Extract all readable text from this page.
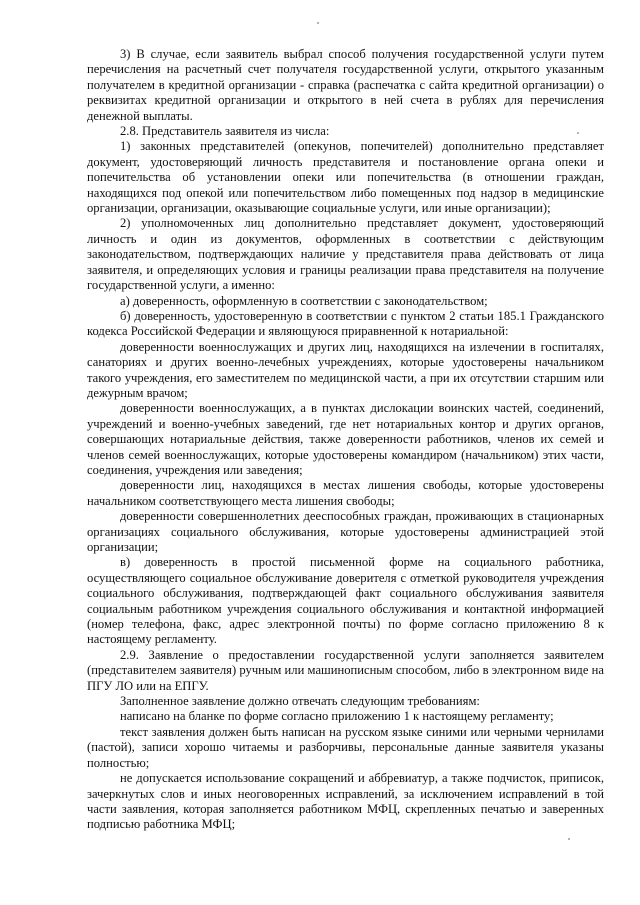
3) В случае, если заявитель выбрал способ получения государственной услуги путем перечисления на расчетный счет получателя государственной услуги, открытого указанным получателем в кредитной организации - справка (распечатка с сайта кредитной организации) о реквизитах кредитной организации и открытого в ней счета в рублях для перечисления денежной выплаты.

2.8. Представитель заявителя из числа:

1) законных представителей (опекунов, попечителей) дополнительно представляет документ, удостоверяющий личность представителя и постановление органа опеки и попечительства об установлении опеки или попечительства (в отношении граждан, находящихся под опекой или попечительством либо помещенных под надзор в медицинские организации, организации, оказывающие социальные услуги, или иные организации);

2) уполномоченных лиц дополнительно представляет документ, удостоверяющий личность и один из документов, оформленных в соответствии с действующим законодательством, подтверждающих наличие у представителя права действовать от лица заявителя, и определяющих условия и границы реализации права представителя на получение государственной услуги, а именно:

а) доверенность, оформленную в соответствии с законодательством;

б) доверенность, удостоверенную в соответствии с пунктом 2 статьи 185.1 Гражданского кодекса Российской Федерации и являющуюся приравненной к нотариальной:

доверенности военнослужащих и других лиц, находящихся на излечении в госпиталях, санаториях и других военно-лечебных учреждениях, которые удостоверены начальником такого учреждения, его заместителем по медицинской части, а при их отсутствии старшим или дежурным врачом;

доверенности военнослужащих, а в пунктах дислокации воинских частей, соединений, учреждений и военно-учебных заведений, где нет нотариальных контор и других органов, совершающих нотариальные действия, также доверенности работников, членов их семей и членов семей военнослужащих, которые удостоверены командиром (начальником) этих части, соединения, учреждения или заведения;

доверенности лиц, находящихся в местах лишения свободы, которые удостоверены начальником соответствующего места лишения свободы;

доверенности совершеннолетних дееспособных граждан, проживающих в стационарных организациях социального обслуживания, которые удостоверены администрацией этой организации;

в) доверенность в простой письменной форме на социального работника, осуществляющего социальное обслуживание доверителя с отметкой руководителя учреждения социального обслуживания, подтверждающей факт социального обслуживания заявителя социальным работником учреждения социального обслуживания и контактной информацией (номер телефона, факс, адрес электронной почты) по форме согласно приложению 8 к настоящему регламенту.

2.9. Заявление о предоставлении государственной услуги заполняется заявителем (представителем заявителя) ручным или машинописным способом, либо в электронном виде на ПГУ ЛО или на ЕПГУ.

Заполненное заявление должно отвечать следующим требованиям:

написано на бланке по форме согласно приложению 1 к настоящему регламенту;

текст заявления должен быть написан на русском языке синими или черными чернилами (пастой), записи хорошо читаемы и разборчивы, персональные данные заявителя указаны полностью;

не допускается использование сокращений и аббревиатур, а также подчисток, приписок, зачеркнутых слов и иных неоговоренных исправлений, за исключением исправлений в той части заявления, которая заполняется работником МФЦ, скрепленных печатью и заверенных подписью работника МФЦ;
